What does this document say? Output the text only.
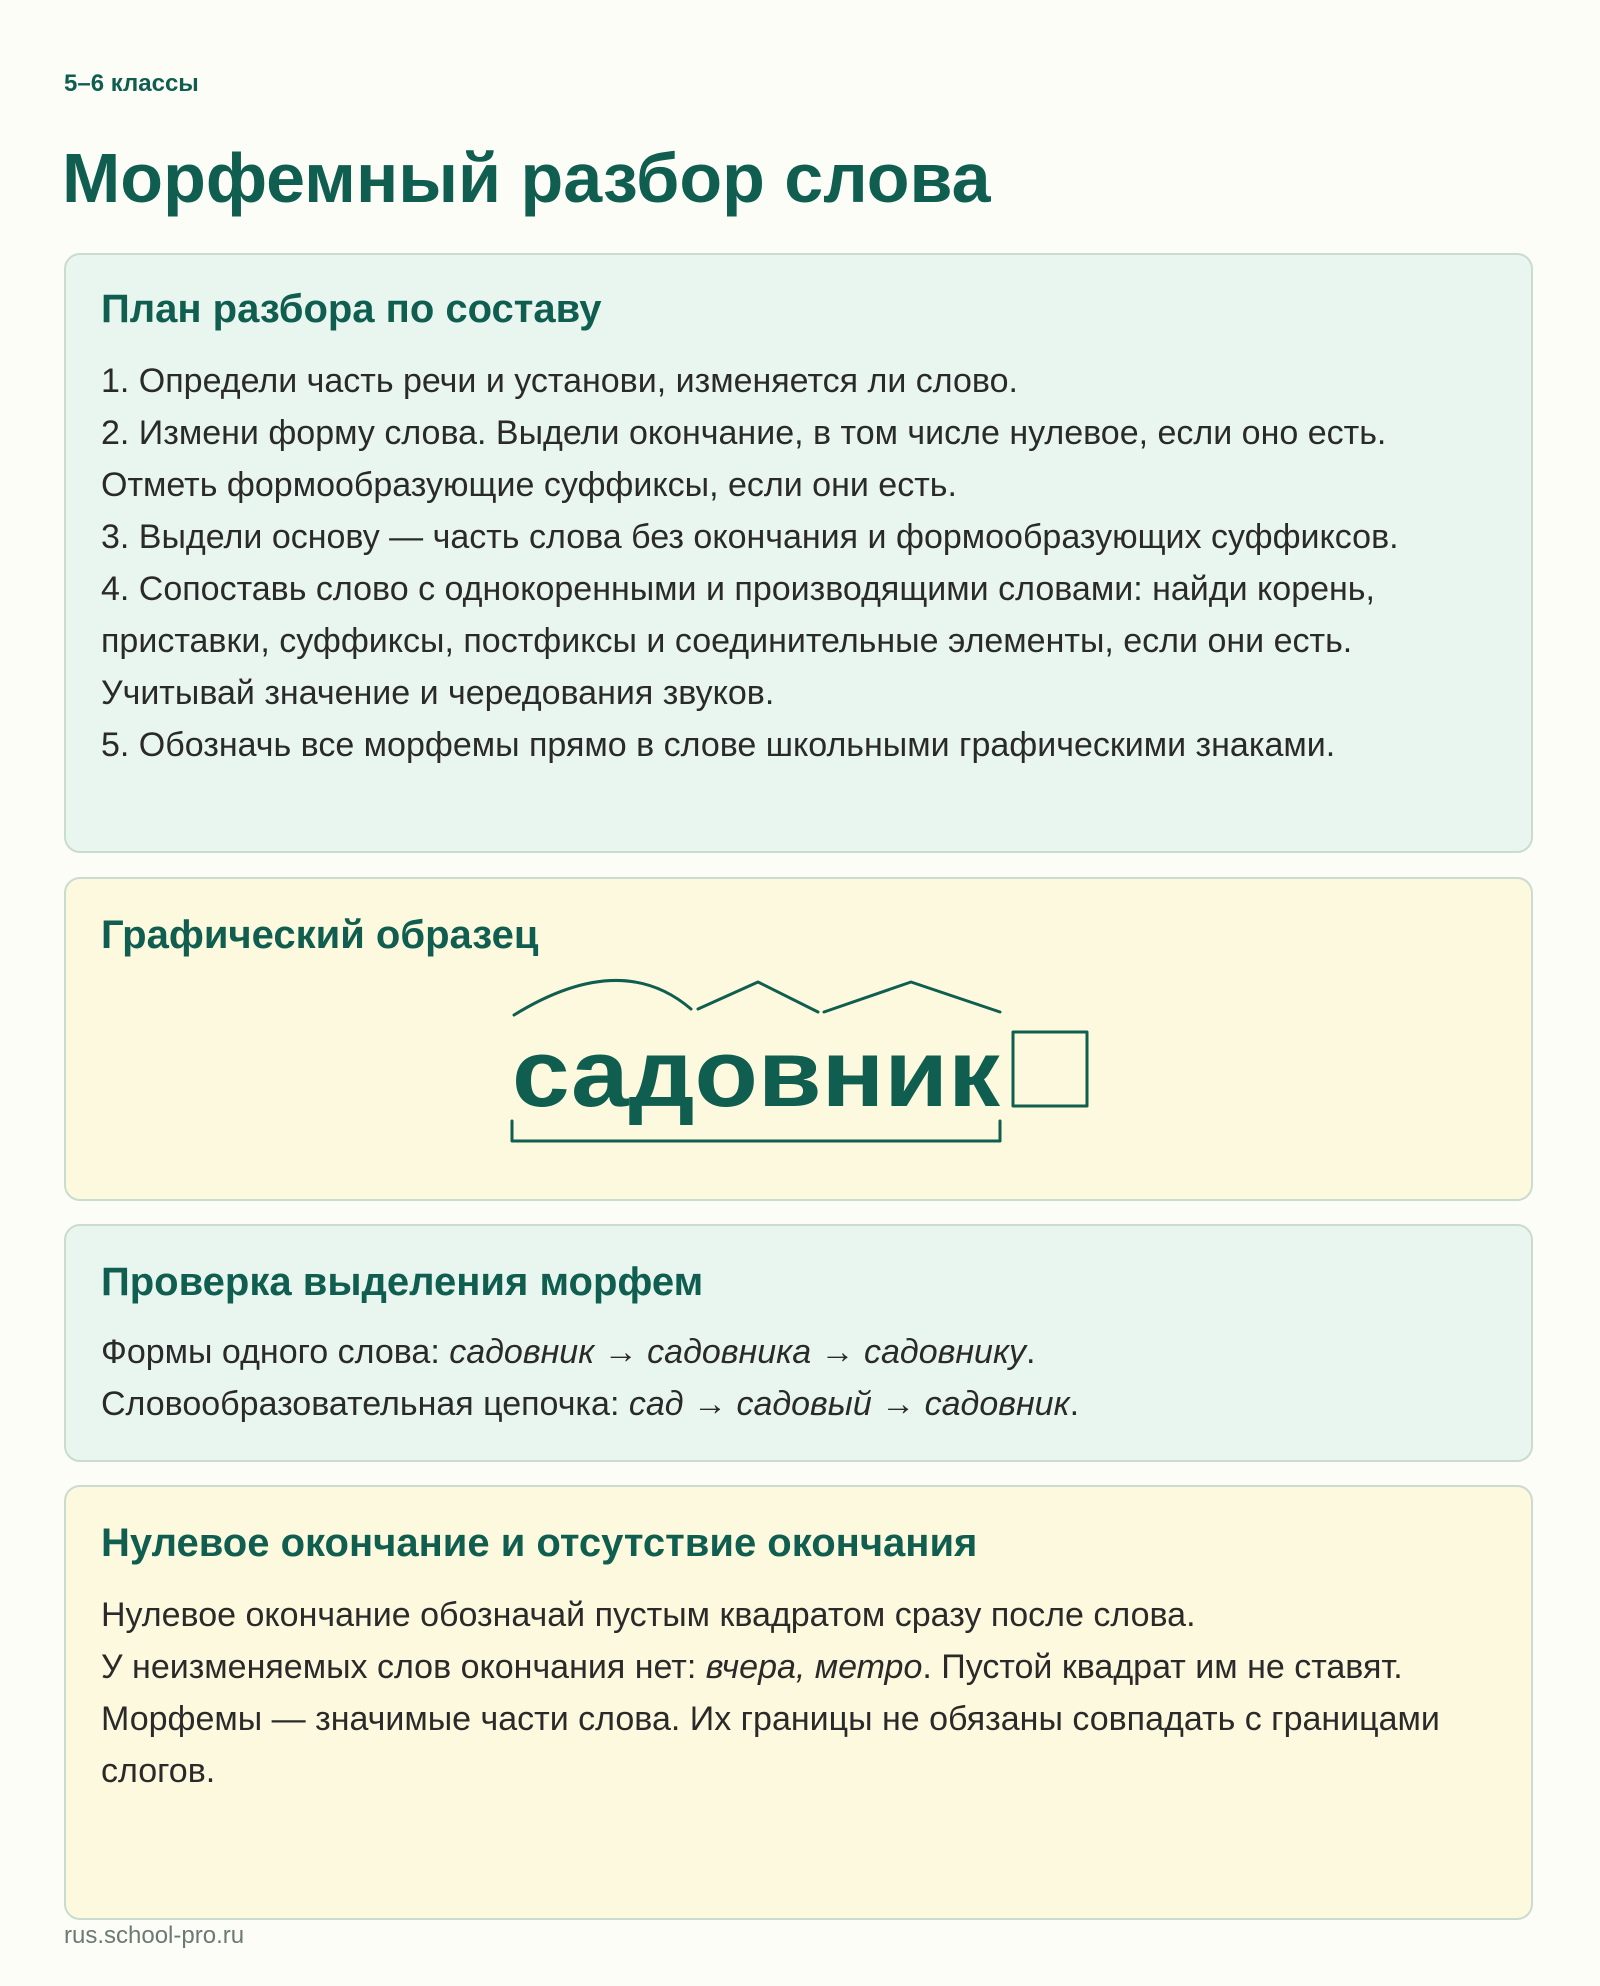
5–6 классы
Морфемный разбор слова
План разбора по составу

1. Определи часть речи и установи, изменяется ли слово.

2. Измени форму слова. Выдели окончание, в том числе нулевое, если оно есть. Отметь формообразующие суффиксы, если они есть.

3. Выдели основу — часть слова без окончания и формообразующих суффиксов.

4. Сопоставь слово с однокоренными и производящими словами: найди корень, приставки, суффиксы, постфиксы и соединительные элементы, если они есть. Учитывай значение и чередования звуков.

5. Обозначь все морфемы прямо в слове школьными графическими знаками.

Графический образец
садовник
Проверка выделения морфем

Формы одного слова: садовник → садовника → садовнику.

Словообразовательная цепочка: сад → садовый → садовник.

Нулевое окончание и отсутствие окончания

Нулевое окончание обозначай пустым квадратом сразу после слова.

У неизменяемых слов окончания нет: вчера, метро. Пустой квадрат им не ставят.

Морфемы — значимые части слова. Их границы не обязаны совпадать с границами слогов.

rus.school-pro.ru
